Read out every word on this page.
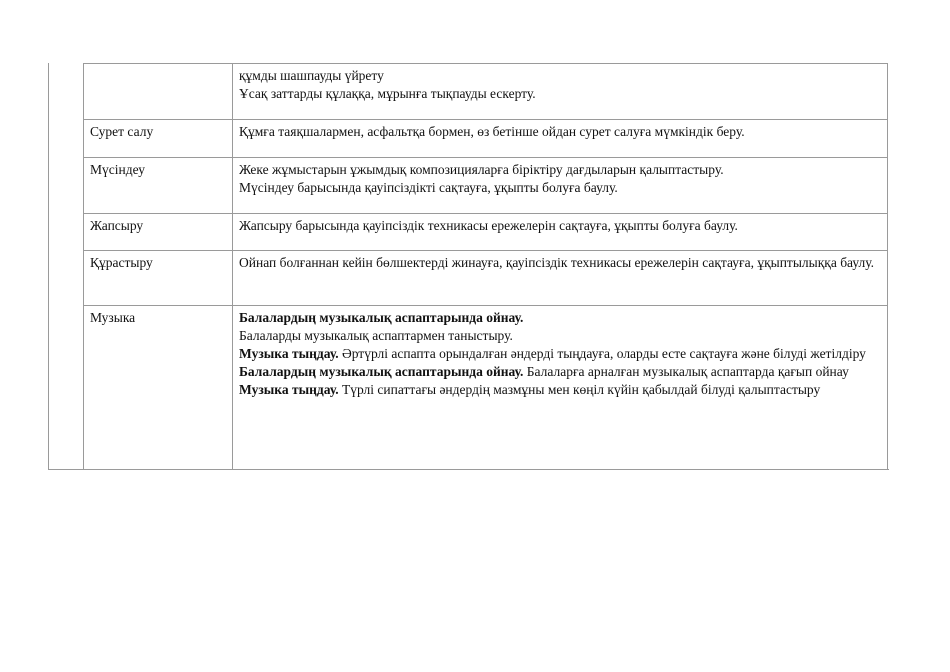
	құмды шашпауды үйрету
Ұсақ заттарды құлаққа, мұрынға тықпауды ескерту.

Сурет салу	Құмға таяқшалармен, асфальтқа бормен, өз бетінше ойдан сурет салуға мүмкіндік беру.

Мүсіндеу	Жеке жұмыстарын ұжымдық композицияларға біріктіру дағдыларын қалыптастыру.
Мүсіндеу барысында қауіпсіздікті сақтауға, ұқыпты болуға баулу.

Жапсыру	Жапсыру барысында қауіпсіздік техникасы ережелерін сақтауға, ұқыпты болуға баулу.

Құрастыру	Ойнап болғаннан кейін бөлшектерді жинауға, қауіпсіздік техникасы ережелерін сақтауға, ұқыптылыққа баулу.

Музыка	Балалардың музыкалық аспаптарында ойнау.
Балаларды музыкалық аспаптармен таныстыру.
Музыка тыңдау. Әртүрлі аспапта орындалған әндерді тыңдауға, оларды есте сақтауға және білуді жетілдіру
Балалардың музыкалық аспаптарында ойнау. Балаларға арналған музыкалық аспаптарда қағып ойнау
Музыка тыңдау. Түрлі сипаттағы әндердің мазмұны мен көңіл күйін қабылдай білуді қалыптастыру
